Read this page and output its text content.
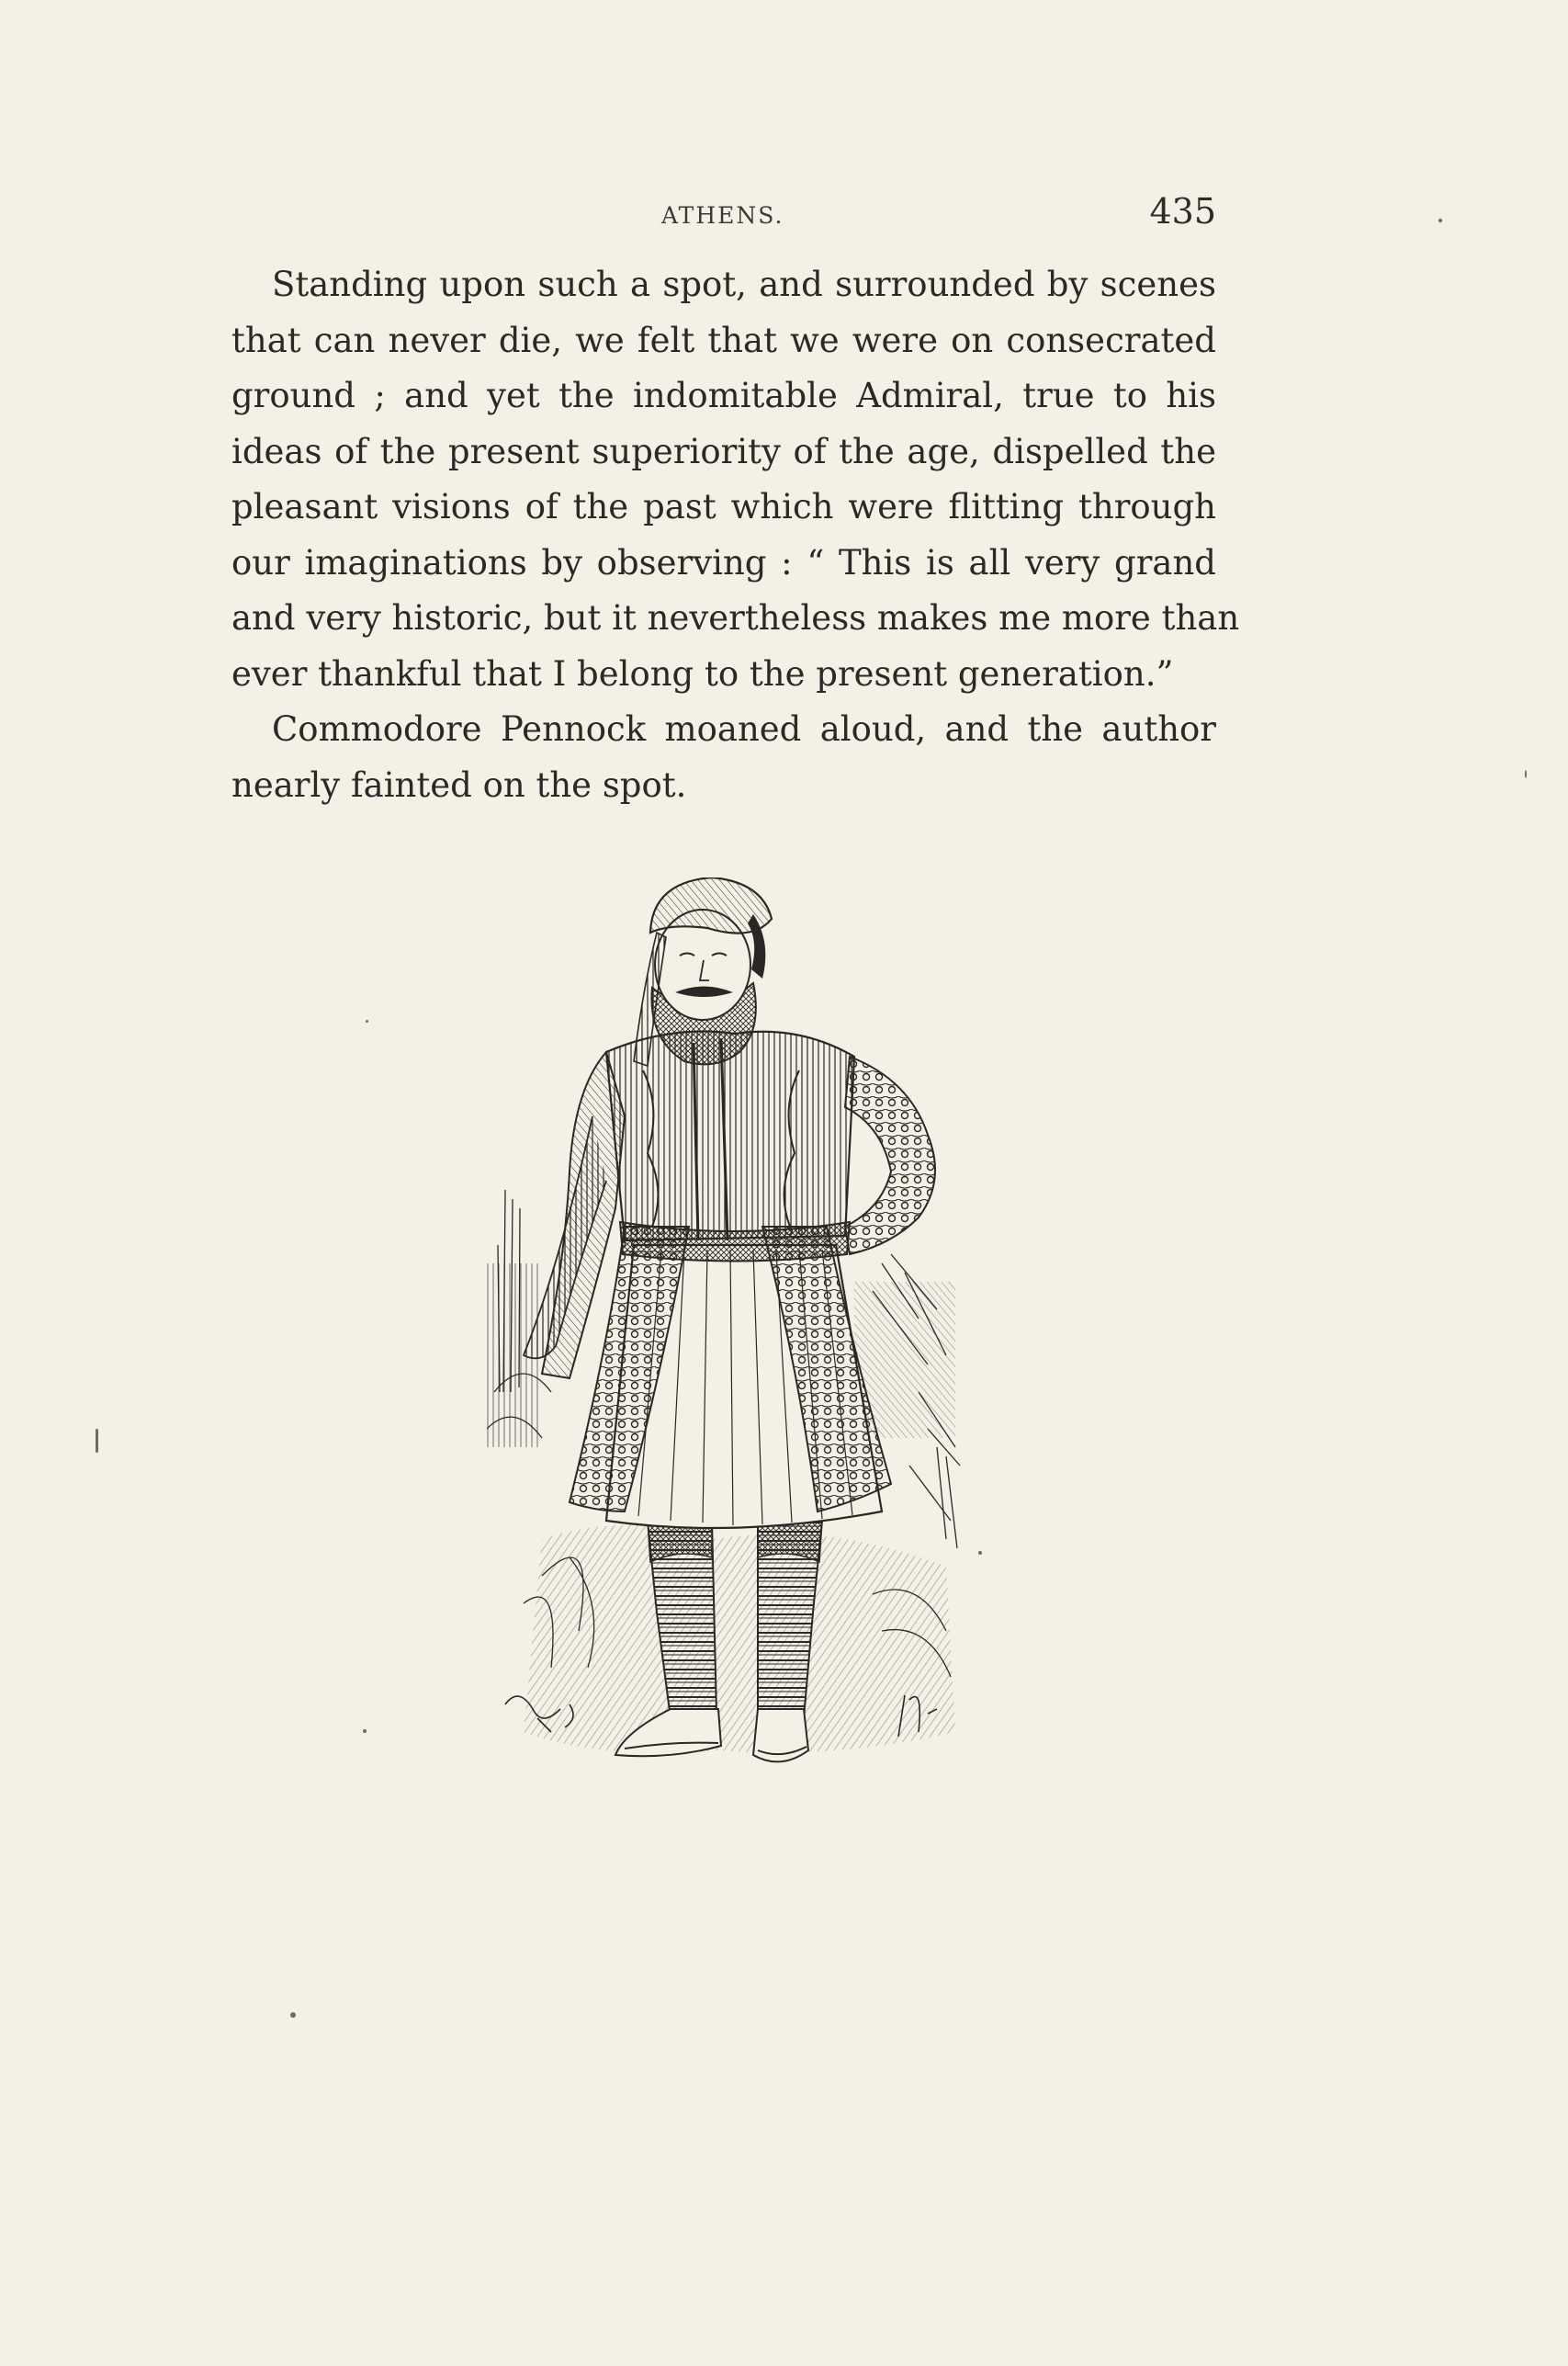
ATHENS.	435
Standing upon such a spot, and surrounded by scenes
that can never die, we felt that we were on consecrated
ground ; and yet the indomitable Admiral, true to his
ideas of the present superiority of the age, dispelled the
pleasant visions of the past which were flitting through
our imaginations by observing : “ This is all very grand
and very historic, but it nevertheless makes me more than
ever thankful that I belong to the present generation.”
Commodore Pennock moaned aloud, and the author
nearly fainted on the spot.
